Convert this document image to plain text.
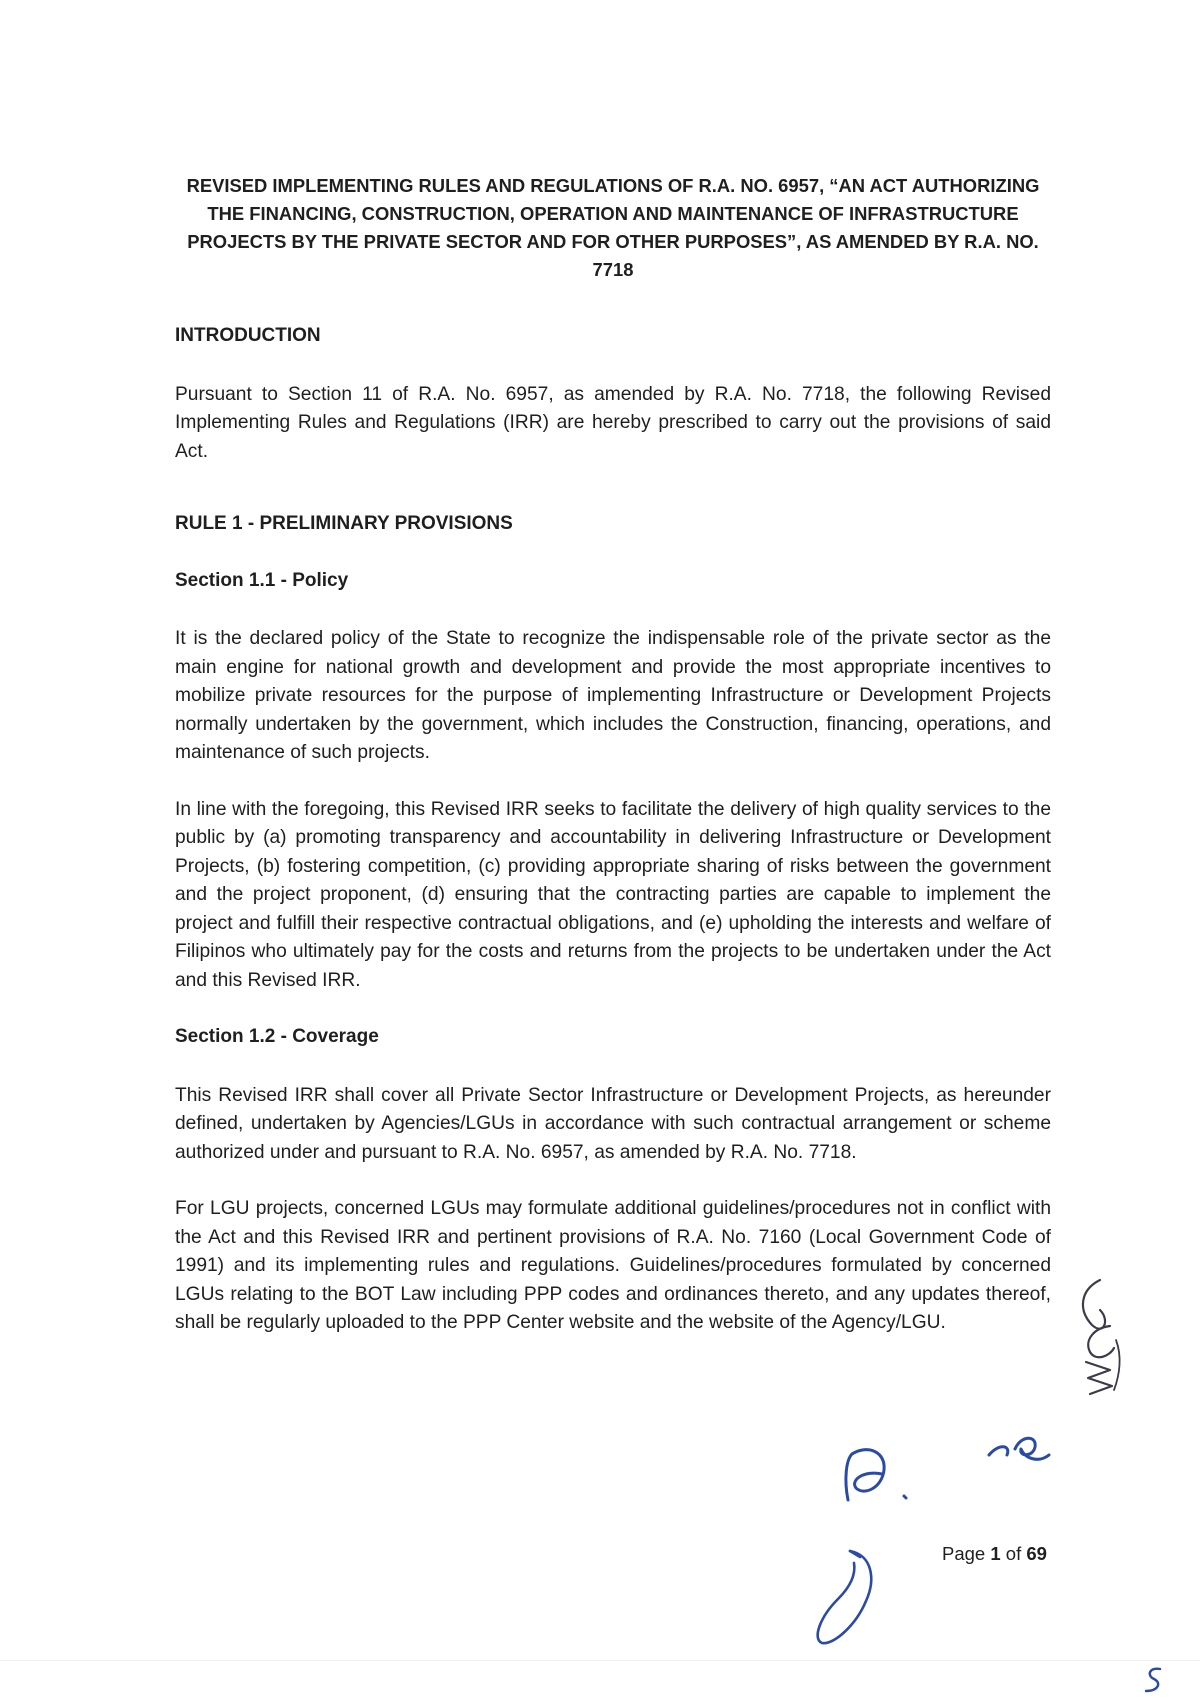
REVISED IMPLEMENTING RULES AND REGULATIONS OF R.A. NO. 6957, “AN ACT AUTHORIZING THE FINANCING, CONSTRUCTION, OPERATION AND MAINTENANCE OF INFRASTRUCTURE PROJECTS BY THE PRIVATE SECTOR AND FOR OTHER PURPOSES”, AS AMENDED BY R.A. NO. 7718

INTRODUCTION

Pursuant to Section 11 of R.A. No. 6957, as amended by R.A. No. 7718, the following Revised Implementing Rules and Regulations (IRR) are hereby prescribed to carry out the provisions of said Act.

RULE 1 - PRELIMINARY PROVISIONS

Section 1.1 - Policy

It is the declared policy of the State to recognize the indispensable role of the private sector as the main engine for national growth and development and provide the most appropriate incentives to mobilize private resources for the purpose of implementing Infrastructure or Development Projects normally undertaken by the government, which includes the Construction, financing, operations, and maintenance of such projects.

In line with the foregoing, this Revised IRR seeks to facilitate the delivery of high quality services to the public by (a) promoting transparency and accountability in delivering Infrastructure or Development Projects, (b) fostering competition, (c) providing appropriate sharing of risks between the government and the project proponent, (d) ensuring that the contracting parties are capable to implement the project and fulfill their respective contractual obligations, and (e) upholding the interests and welfare of Filipinos who ultimately pay for the costs and returns from the projects to be undertaken under the Act and this Revised IRR.

Section 1.2 - Coverage

This Revised IRR shall cover all Private Sector Infrastructure or Development Projects, as hereunder defined, undertaken by Agencies/LGUs in accordance with such contractual arrangement or scheme authorized under and pursuant to R.A. No. 6957, as amended by R.A. No. 7718.

For LGU projects, concerned LGUs may formulate additional guidelines/procedures not in conflict with the Act and this Revised IRR and pertinent provisions of R.A. No. 7160 (Local Government Code of 1991) and its implementing rules and regulations. Guidelines/procedures formulated by concerned LGUs relating to the BOT Law including PPP codes and ordinances thereto, and any updates thereof, shall be regularly uploaded to the PPP Center website and the website of the Agency/LGU.

Page 1 of 69
